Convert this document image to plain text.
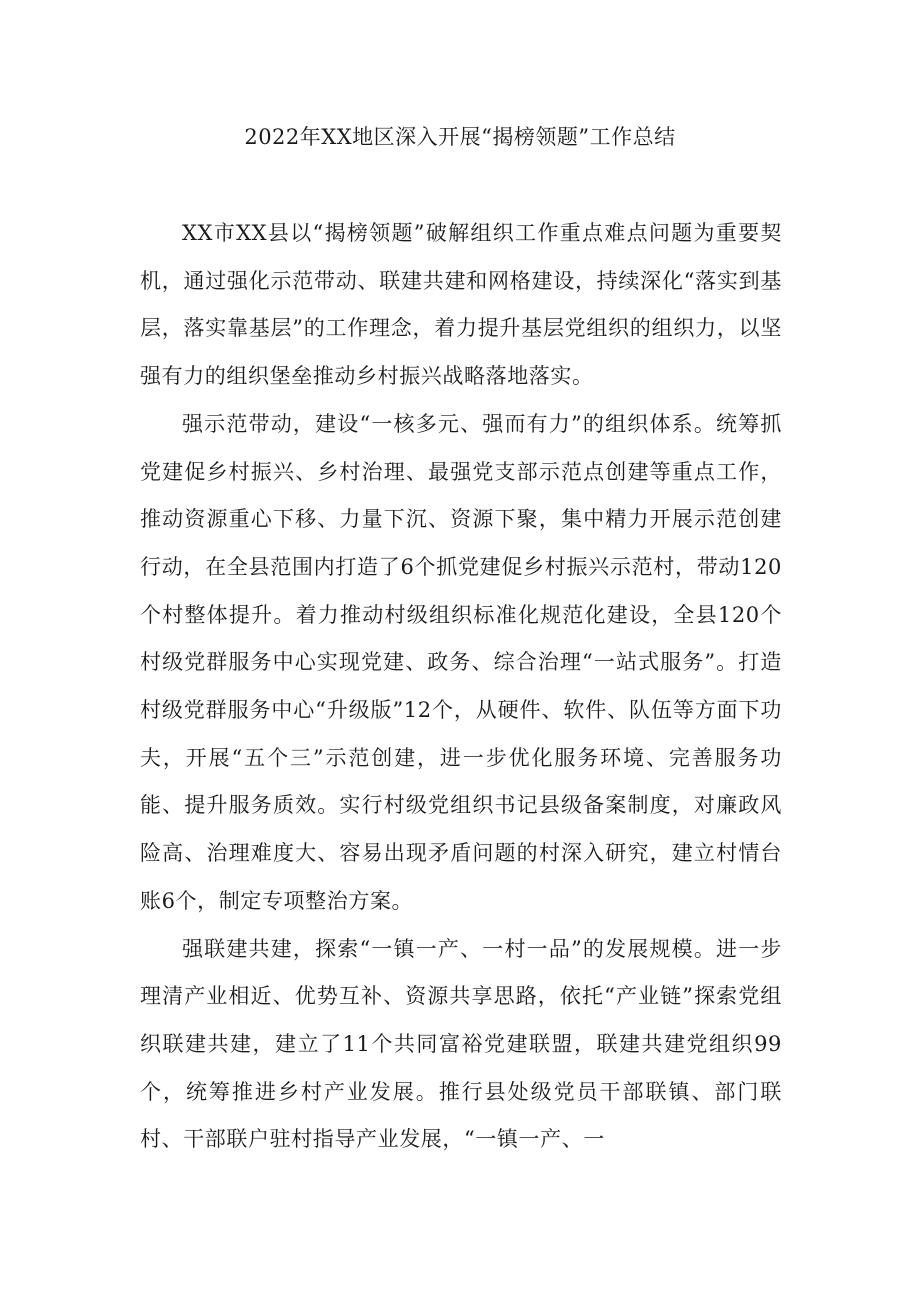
2022年XX地区深入开展“揭榜领题”工作总结

XX市XX县以“揭榜领题”破解组织工作重点难点问题为重要契机，通过强化示范带动、联建共建和网格建设，持续深化“落实到基层，落实靠基层”的工作理念，着力提升基层党组织的组织力，以坚强有力的组织堡垒推动乡村振兴战略落地落实。

强示范带动，建设“一核多元、强而有力”的组织体系。统筹抓党建促乡村振兴、乡村治理、最强党支部示范点创建等重点工作，推动资源重心下移、力量下沉、资源下聚，集中精力开展示范创建行动，在全县范围内打造了6个抓党建促乡村振兴示范村，带动120个村整体提升。着力推动村级组织标准化规范化建设，全县120个村级党群服务中心实现党建、政务、综合治理“一站式服务”。打造村级党群服务中心“升级版”12个，从硬件、软件、队伍等方面下功夫，开展“五个三”示范创建，进一步优化服务环境、完善服务功能、提升服务质效。实行村级党组织书记县级备案制度，对廉政风险高、治理难度大、容易出现矛盾问题的村深入研究，建立村情台账6个，制定专项整治方案。

强联建共建，探索“一镇一产、一村一品”的发展规模。进一步理清产业相近、优势互补、资源共享思路，依托“产业链”探索党组织联建共建，建立了11个共同富裕党建联盟，联建共建党组织99个，统筹推进乡村产业发展。推行县处级党员干部联镇、部门联村、干部联户驻村指导产业发展，“一镇一产、一
